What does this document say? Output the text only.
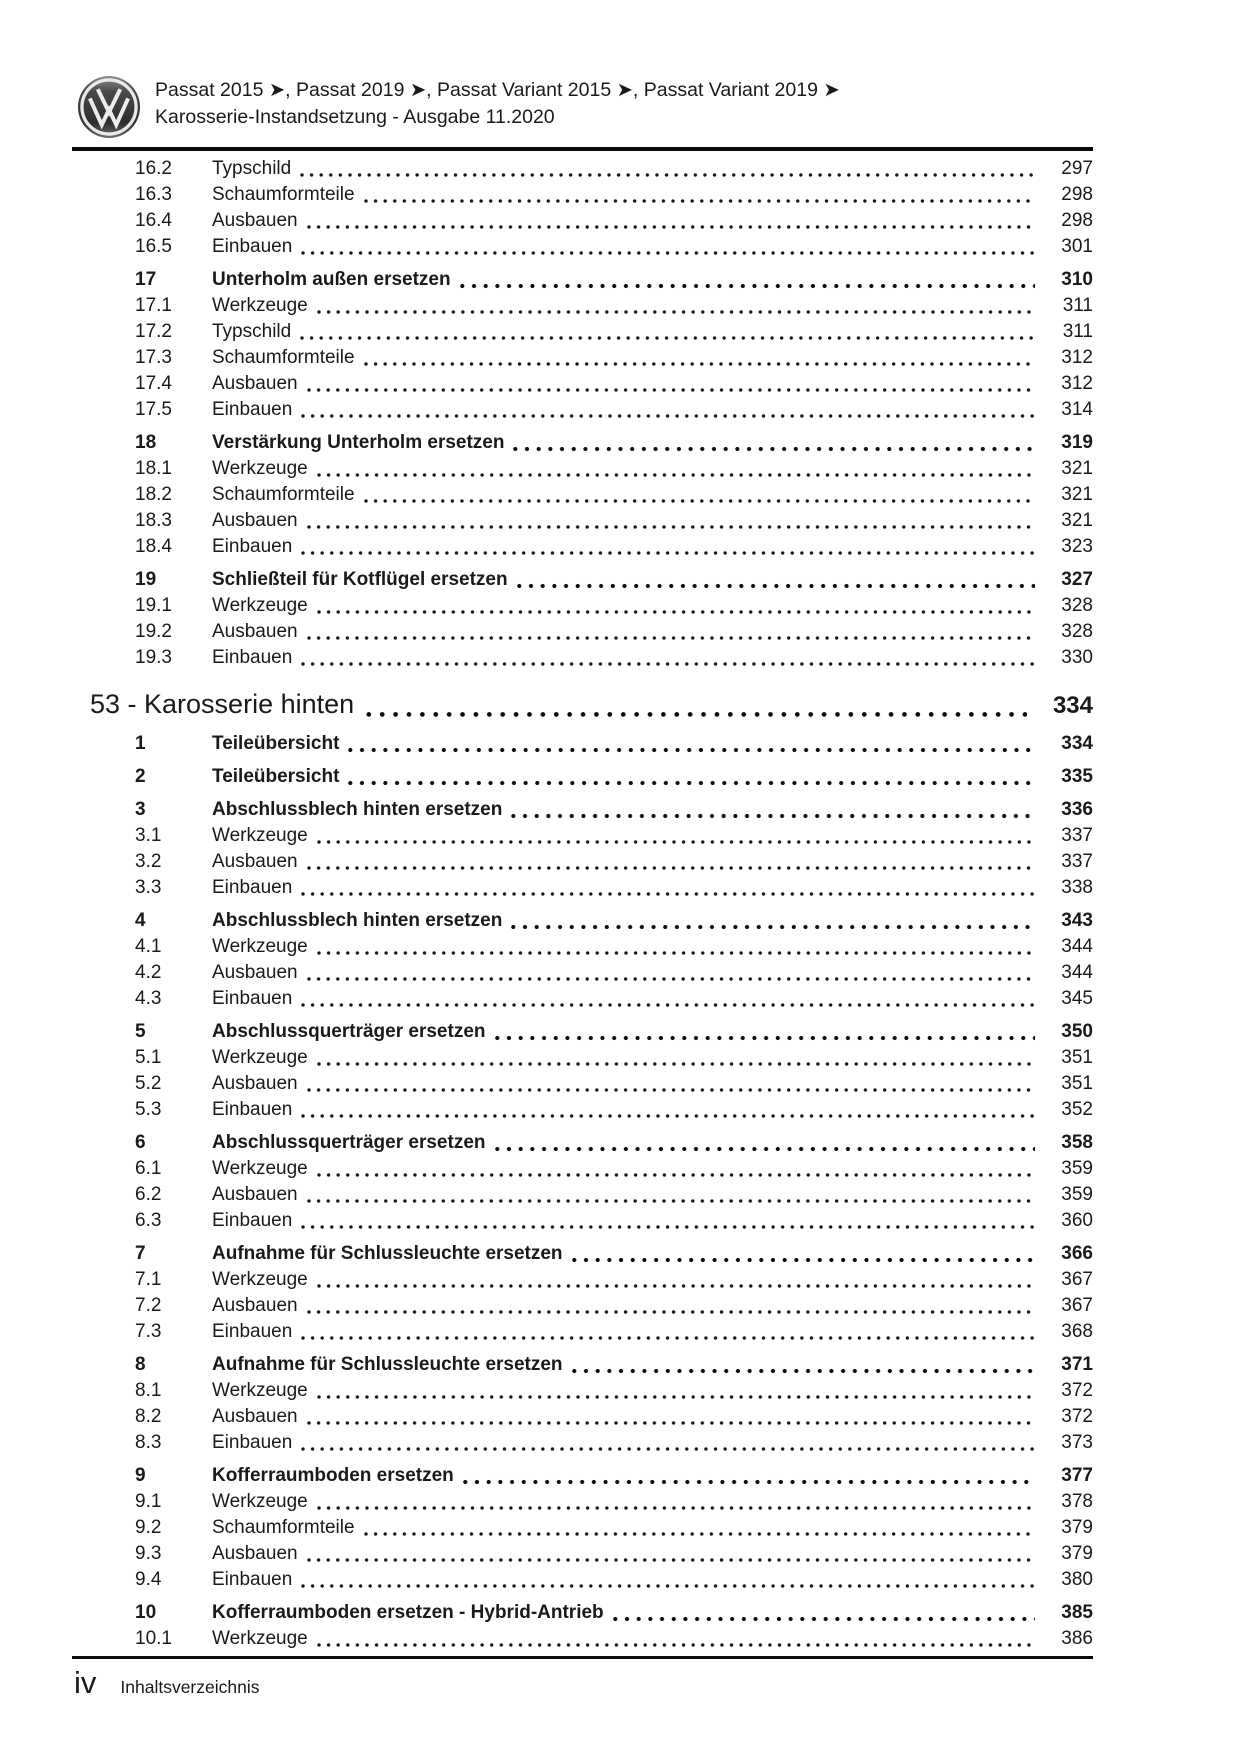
Passat 2015 ➤, Passat 2019 ➤, Passat Variant 2015 ➤, Passat Variant 2019 ➤
Karosserie-Instandsetzung - Ausgabe 11.2020
16.2	Typschild	297
16.3	Schaumformteile	298
16.4	Ausbauen	298
16.5	Einbauen	301
17	Unterholm außen ersetzen	310
17.1	Werkzeuge	311
17.2	Typschild	311
17.3	Schaumformteile	312
17.4	Ausbauen	312
17.5	Einbauen	314
18	Verstärkung Unterholm ersetzen	319
18.1	Werkzeuge	321
18.2	Schaumformteile	321
18.3	Ausbauen	321
18.4	Einbauen	323
19	Schließteil für Kotflügel ersetzen	327
19.1	Werkzeuge	328
19.2	Ausbauen	328
19.3	Einbauen	330
53 - Karosserie hinten	334
1	Teileübersicht	334
2	Teileübersicht	335
3	Abschlussblech hinten ersetzen	336
3.1	Werkzeuge	337
3.2	Ausbauen	337
3.3	Einbauen	338
4	Abschlussblech hinten ersetzen	343
4.1	Werkzeuge	344
4.2	Ausbauen	344
4.3	Einbauen	345
5	Abschlussquerträger ersetzen	350
5.1	Werkzeuge	351
5.2	Ausbauen	351
5.3	Einbauen	352
6	Abschlussquerträger ersetzen	358
6.1	Werkzeuge	359
6.2	Ausbauen	359
6.3	Einbauen	360
7	Aufnahme für Schlussleuchte ersetzen	366
7.1	Werkzeuge	367
7.2	Ausbauen	367
7.3	Einbauen	368
8	Aufnahme für Schlussleuchte ersetzen	371
8.1	Werkzeuge	372
8.2	Ausbauen	372
8.3	Einbauen	373
9	Kofferraumboden ersetzen	377
9.1	Werkzeuge	378
9.2	Schaumformteile	379
9.3	Ausbauen	379
9.4	Einbauen	380
10	Kofferraumboden ersetzen - Hybrid-Antrieb	385
10.1	Werkzeuge	386
iv Inhaltsverzeichnis
